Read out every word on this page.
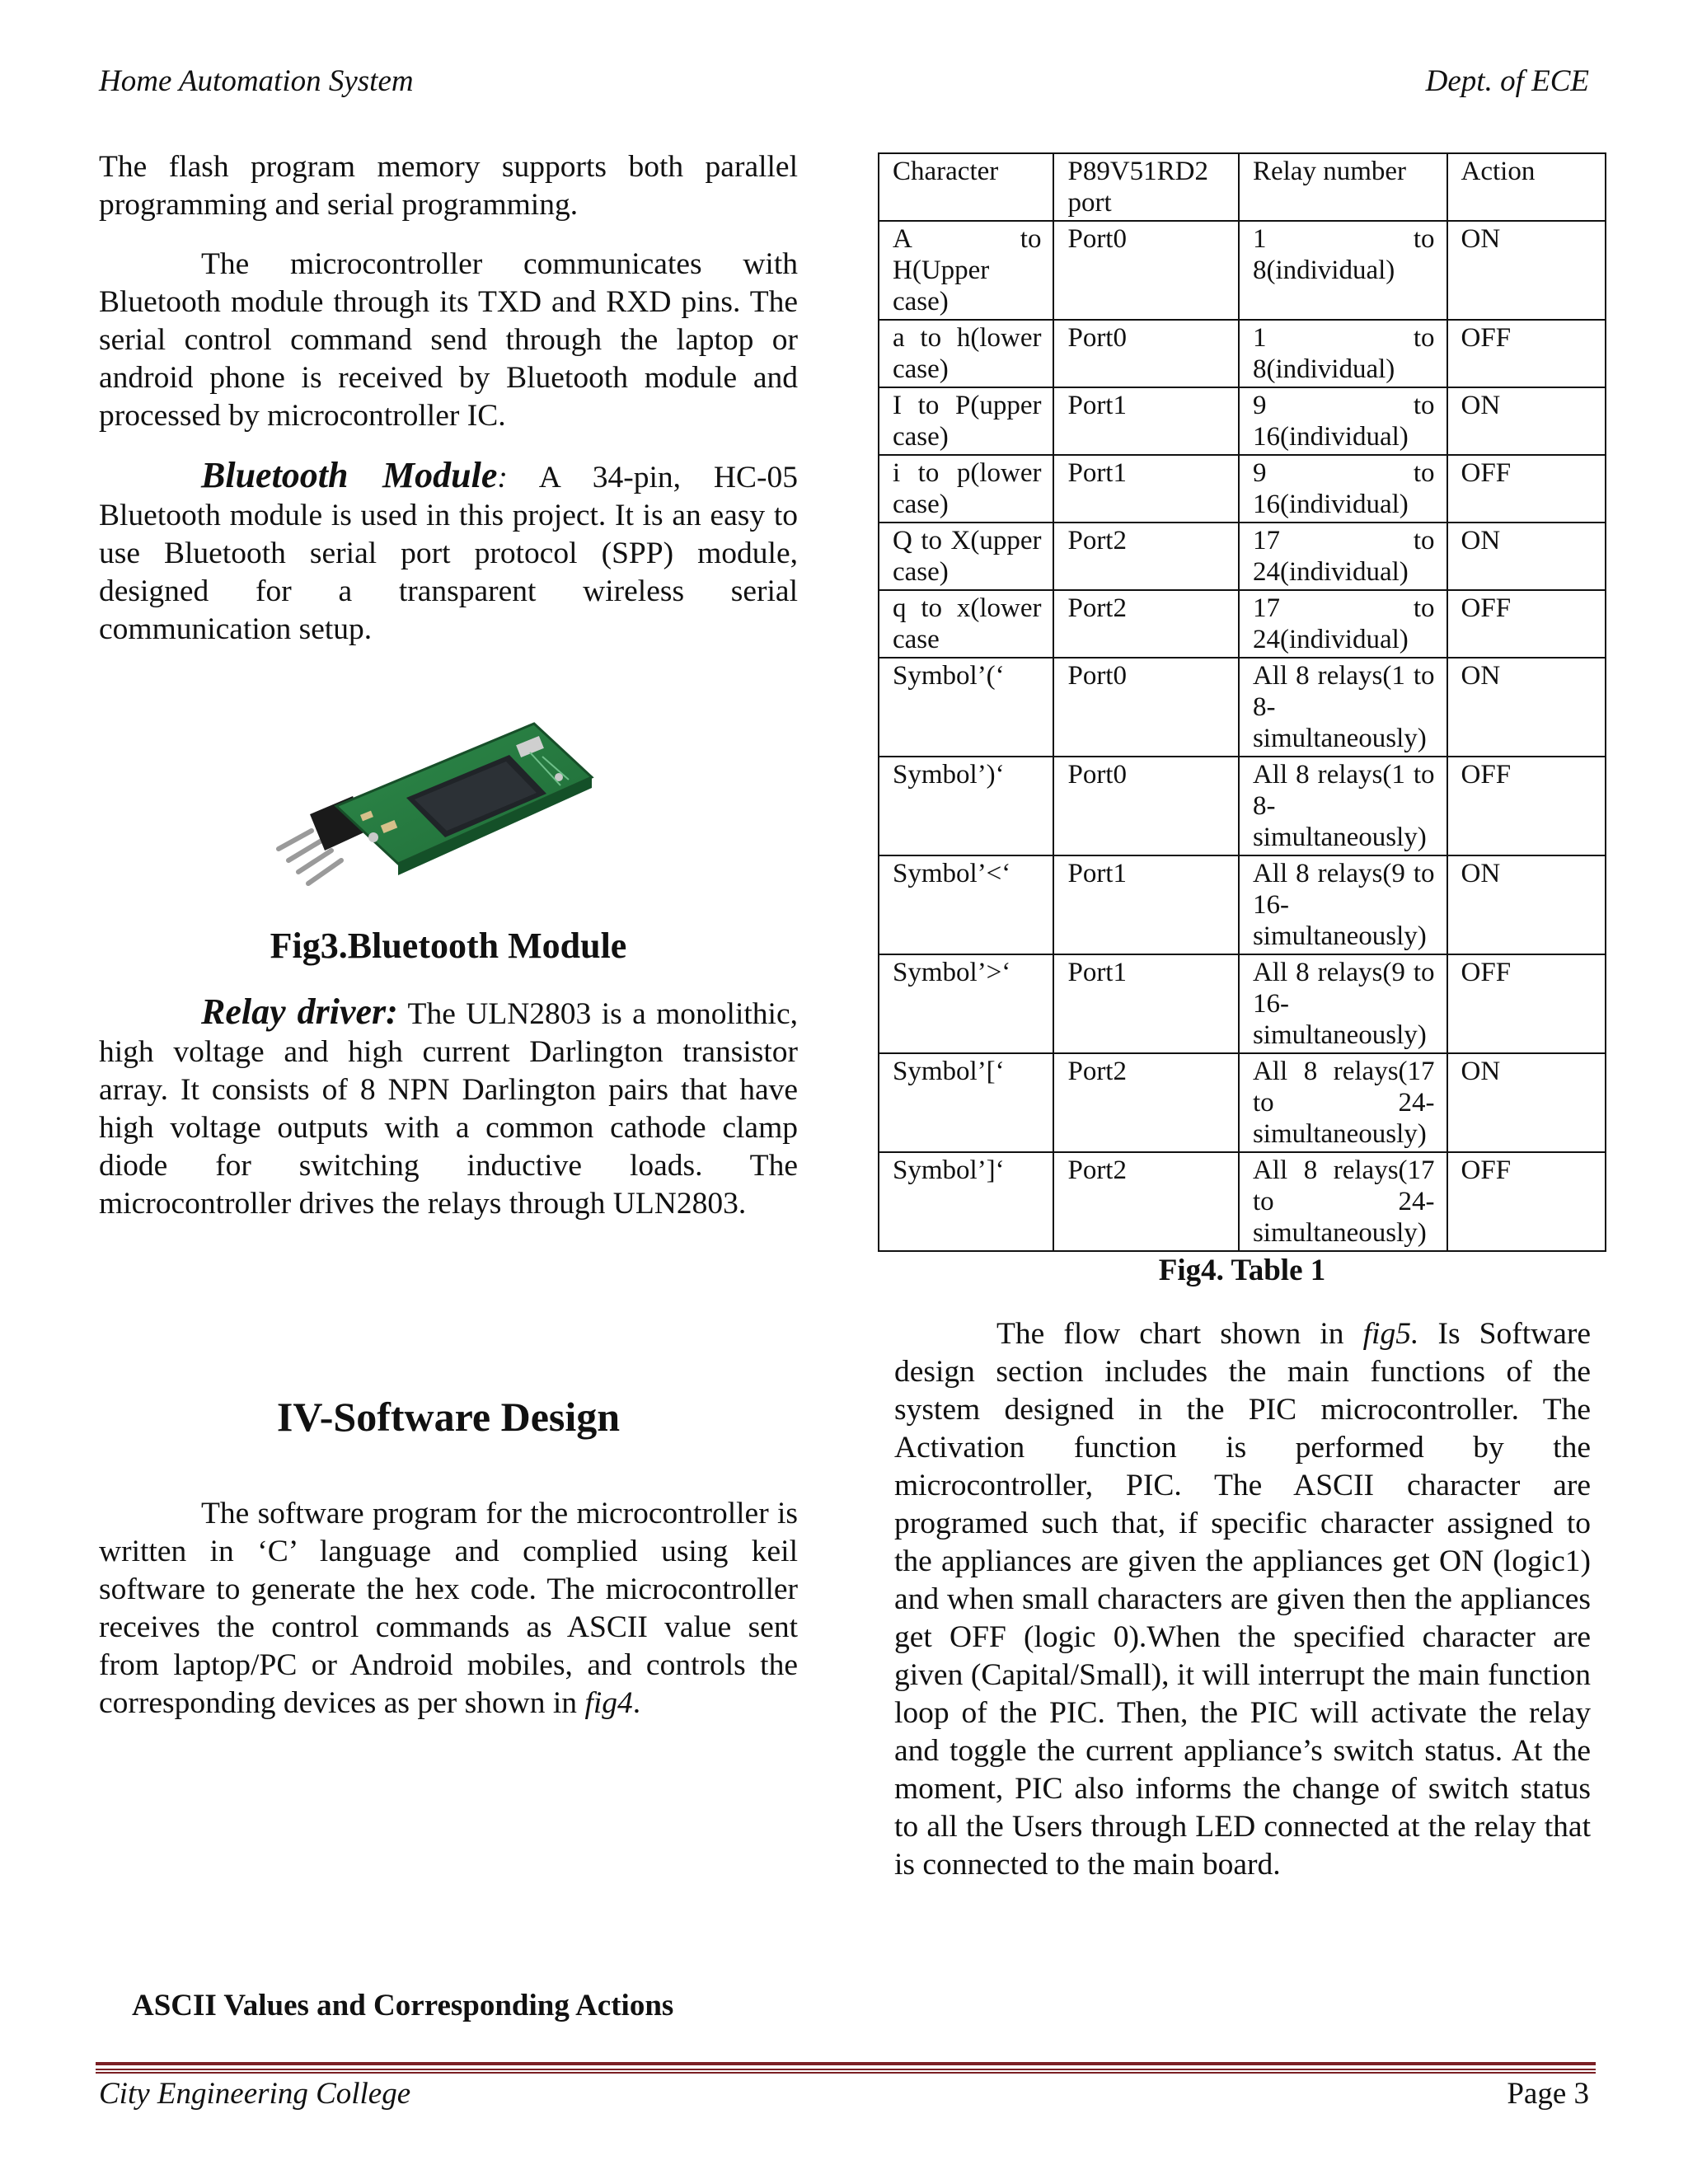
Home Automation System	Dept. of ECE

The flash program memory supports both parallel programming and serial programming.

The microcontroller communicates with Bluetooth module through its TXD and RXD pins. The serial control command send through the laptop or android phone is received by Bluetooth module and processed by microcontroller IC.

Bluetooth Module: A 34-pin, HC-05 Bluetooth module is used in this project. It is an easy to use Bluetooth serial port protocol (SPP) module, designed for a transparent wireless serial communication setup.

Fig3.Bluetooth Module

Relay driver: The ULN2803 is a monolithic, high voltage and high current Darlington transistor array. It consists of 8 NPN Darlington pairs that have high voltage outputs with a common cathode clamp diode for switching inductive loads. The microcontroller drives the relays through ULN2803.

IV-Software Design

The software program for the microcontroller is written in ‘C’ language and complied using keil software to generate the hex code. The microcontroller receives the control commands as ASCII value sent from laptop/PC or Android mobiles, and controls the corresponding devices as per shown in fig4.

ASCII Values and Corresponding Actions
Character	P89V51RD2 port	Relay number	Action
A to H(Upper case)	Port0	1 to 8(individual)	ON
a to h(lower case)	Port0	1 to 8(individual)	OFF
I to P(upper case)	Port1	9 to 16(individual)	ON
i to p(lower case)	Port1	9 to 16(individual)	OFF
Q to X(upper case)	Port2	17 to 24(individual)	ON
q to x(lower case	Port2	17 to 24(individual)	OFF
Symbol’(‘	Port0	All 8 relays(1 to 8-simultaneously)	ON
Symbol’)‘	Port0	All 8 relays(1 to 8-simultaneously)	OFF
Symbol’<‘	Port1	All 8 relays(9 to 16-simultaneously)	ON
Symbol’>‘	Port1	All 8 relays(9 to 16-simultaneously)	OFF
Symbol’[‘	Port2	All 8 relays(17 to 24-simultaneously)	ON
Symbol’]‘	Port2	All 8 relays(17 to 24-simultaneously)	OFF
Fig4. Table 1

The flow chart shown in fig5. Is Software design section includes the main functions of the system designed in the PIC microcontroller. The Activation function is performed by the microcontroller, PIC. The ASCII character are programed such that, if specific character assigned to the appliances are given the appliances get ON (logic1) and when small characters are given then the appliances get OFF (logic 0).When the specified character are given (Capital/Small), it will interrupt the main function loop of the PIC. Then, the PIC will activate the relay and toggle the current appliance’s switch status. At the moment, PIC also informs the change of switch status to all the Users through LED connected at the relay that is connected to the main board.

City Engineering College	Page 3
